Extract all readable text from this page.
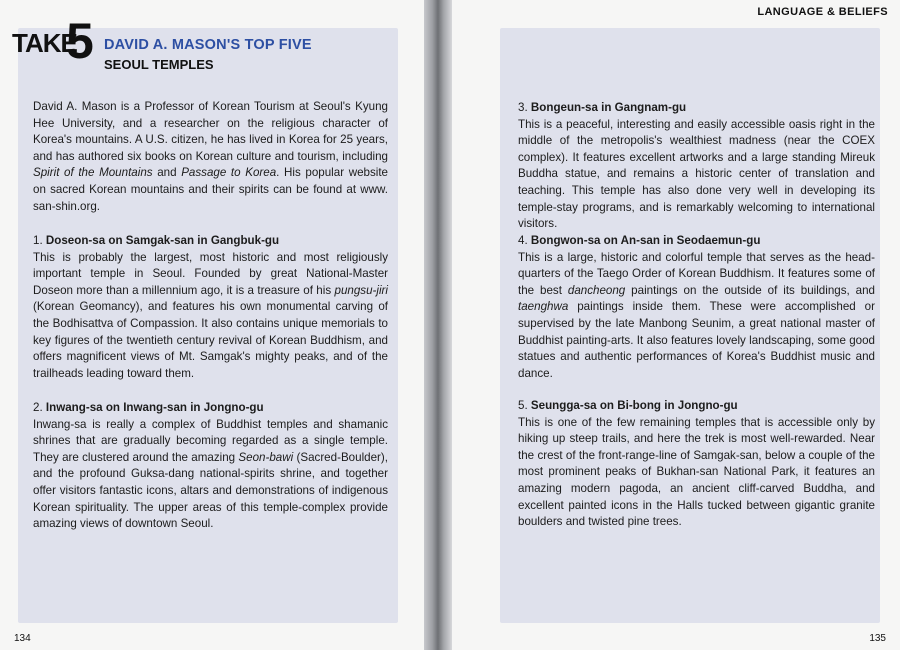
LANGUAGE & BELIEFS
TAKE
5 DAVID A. MASON'S TOP FIVE
SEOUL TEMPLES

David A. Mason is a Professor of Korean Tourism at Seoul's Kyung Hee University, and a researcher on the religious character of Korea's mountains. A U.S. citizen, he has lived in Korea for 25 years, and has authored six books on Korean culture and tourism, including Spirit of the Mountains and Passage to Korea. His popular website on sacred Korean mountains and their spirits can be found at www. san-shin.org.

1. Doseon-sa on Samgak-san in Gangbuk-gu

This is probably the largest, most historic and most religiously important temple in Seoul. Founded by great National-Master Doseon more than a millennium ago, it is a treasure of his pungsu-jiri (Korean Geomancy), and features his own monumental carving of the Bodhisattva of Compassion. It also contains unique memorials to key figures of the twentieth century revival of Korean Buddhism, and offers magnificent views of Mt. Samgak's mighty peaks, and of the trailheads leading toward them.

2. Inwang-sa on Inwang-san in Jongno-gu

Inwang-sa is really a complex of Buddhist temples and shamanic shrines that are gradually becoming regarded as a single temple. They are clustered around the amazing Seon-bawi (Sacred-Boulder), and the profound Guksa-dang national-spirits shrine, and together offer visitors fantastic icons, altars and demonstrations of indigenous Korean spirituality. The upper areas of this temple-complex provide amazing views of downtown Seoul.

3. Bongeun-sa in Gangnam-gu

This is a peaceful, interesting and easily accessible oasis right in the middle of the metropolis's wealthiest madness (near the COEX complex). It features excellent artworks and a large standing Mireuk Buddha statue, and remains a historic center of translation and teaching. This temple has also done very well in developing its temple-stay programs, and is remarkably welcoming to international visitors.

4. Bongwon-sa on An-san in Seodaemun-gu

This is a large, historic and colorful temple that serves as the head-quarters of the Taego Order of Korean Buddhism. It features some of the best dancheong paintings on the outside of its buildings, and taenghwa paintings inside them. These were accomplished or supervised by the late Manbong Seunim, a great national master of Buddhist painting-arts. It also features lovely landscaping, some good statues and authentic performances of Korea's Buddhist music and dance.

5. Seungga-sa on Bi-bong in Jongno-gu

This is one of the few remaining temples that is accessible only by hiking up steep trails, and here the trek is most well-rewarded. Near the crest of the front-range-line of Samgak-san, below a couple of the most prominent peaks of Bukhan-san National Park, it features an amazing modern pagoda, an ancient cliff-carved Buddha, and excellent painted icons in the Halls tucked between gigantic granite boulders and twisted pine trees.

134	135
